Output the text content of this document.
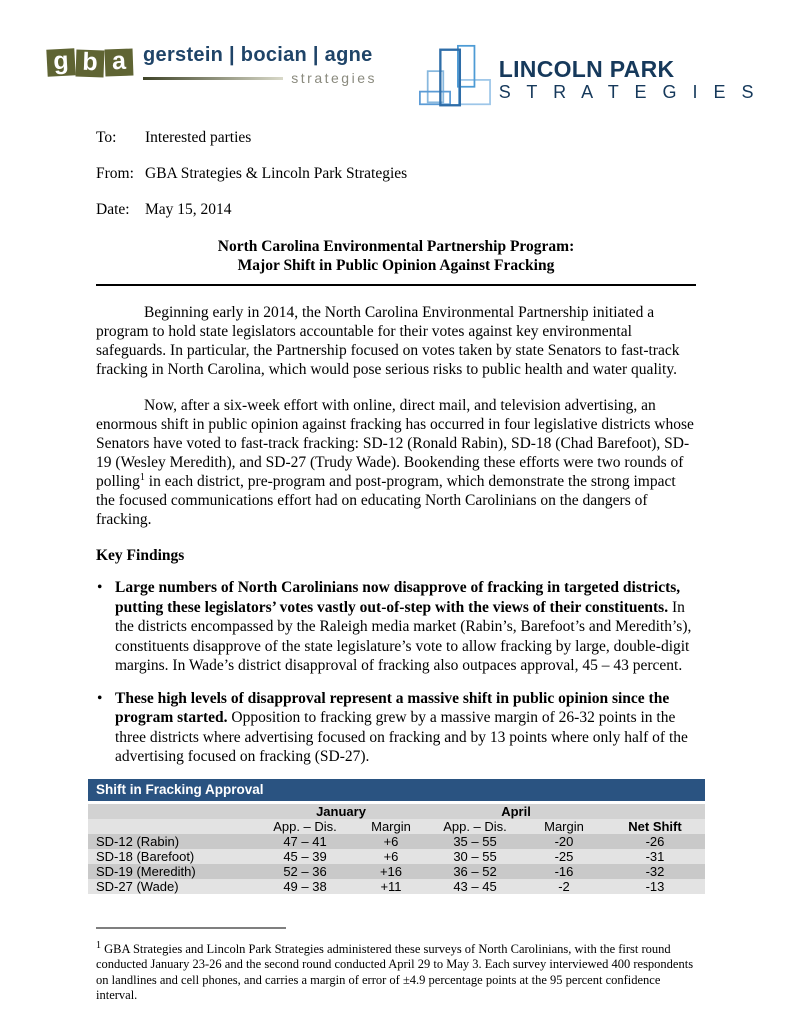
g b a gerstein | bocian | agne
strategies	LINCOLN PARK
S T R A T E G I E S
To:	Interested parties
From: GBA Strategies & Lincoln Park Strategies
Date: May 15, 2014
North Carolina Environmental Partnership Program:
Major Shift in Public Opinion Against Fracking
Beginning early in 2014, the North Carolina Environmental Partnership initiated a program to hold state legislators accountable for their votes against key environmental safeguards. In particular, the Partnership focused on votes taken by state Senators to fast-track fracking in North Carolina, which would pose serious risks to public health and water quality.
Now, after a six-week effort with online, direct mail, and television advertising, an enormous shift in public opinion against fracking has occurred in four legislative districts whose Senators have voted to fast-track fracking: SD-12 (Ronald Rabin), SD-18 (Chad Barefoot), SD-19 (Wesley Meredith), and SD-27 (Trudy Wade). Bookending these efforts were two rounds of polling$^1$ in each district, pre-program and post-program, which demonstrate the strong impact the focused communications effort had on educating North Carolinians on the dangers of fracking.
Key Findings
• Large numbers of North Carolinians now disapprove of fracking in targeted districts, putting these legislators’ votes vastly out-of-step with the views of their constituents. In the districts encompassed by the Raleigh media market (Rabin’s, Barefoot’s and Meredith’s), constituents disapprove of the state legislature’s vote to allow fracking by large, double-digit margins. In Wade’s district disapproval of fracking also outpaces approval, 45 – 43 percent.
• These high levels of disapproval represent a massive shift in public opinion since the program started. Opposition to fracking grew by a massive margin of 26-32 points in the three districts where advertising focused on fracking and by 13 points where only half of the advertising focused on fracking (SD-27).
Shift in Fracking Approval
	January		April		
	App. – Dis.	Margin	App. – Dis.	Margin	Net Shift
SD-12 (Rabin)	47 – 41	+6	35 – 55	-20	-26
SD-18 (Barefoot)	45 – 39	+6	30 – 55	-25	-31
SD-19 (Meredith)	52 – 36	+16	36 – 52	-16	-32
SD-27 (Wade)	49 – 38	+11	43 – 45	-2	-13
$^1$ GBA Strategies and Lincoln Park Strategies administered these surveys of North Carolinians, with the first round conducted January 23-26 and the second round conducted April 29 to May 3. Each survey interviewed 400 respondents on landlines and cell phones, and carries a margin of error of ±4.9 percentage points at the 95 percent confidence interval.
